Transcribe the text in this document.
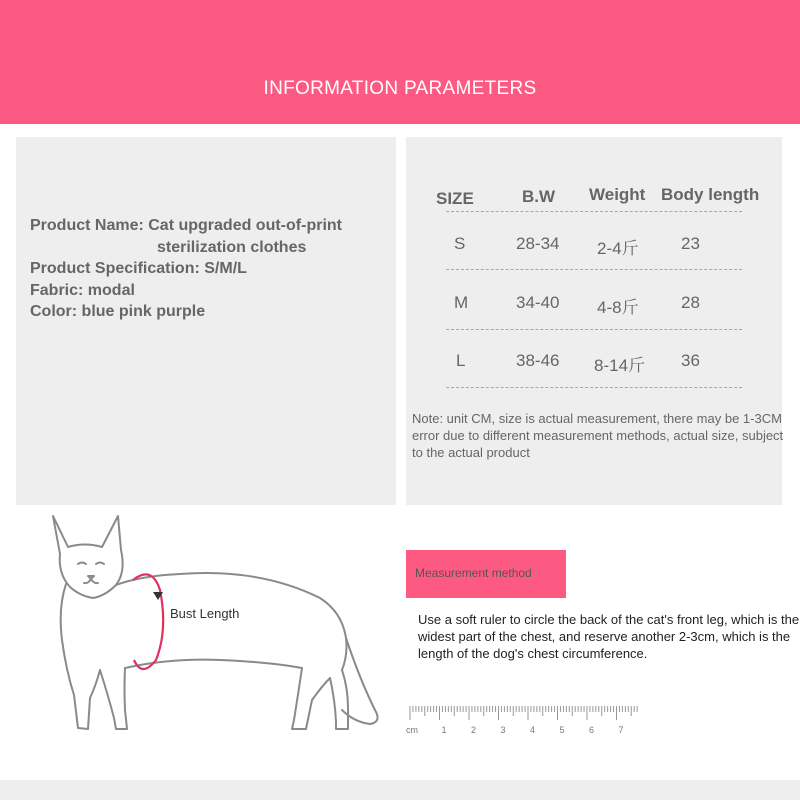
INFORMATION PARAMETERS
Product Name: Cat upgraded out-of-print
sterilization clothes
Product Specification: S/M/L
Fabric: modal
Color: blue pink purple
SIZE	B.W Weight Body length
S	28-34 2-4斤 23
M	34-40 4-8斤 28
L	38-46 8-14斤 36
Note: unit CM, size is actual measurement, there may be 1-3CM error due to different measurement methods, actual size, subject to the actual product
Bust Length
Measurement method
Use a soft ruler to circle the back of the cat's front leg, which is the widest part of the chest, and reserve another 2-3cm, which is the length of the dog's chest circumference.
cm	1	2	3	4	5	6	7
